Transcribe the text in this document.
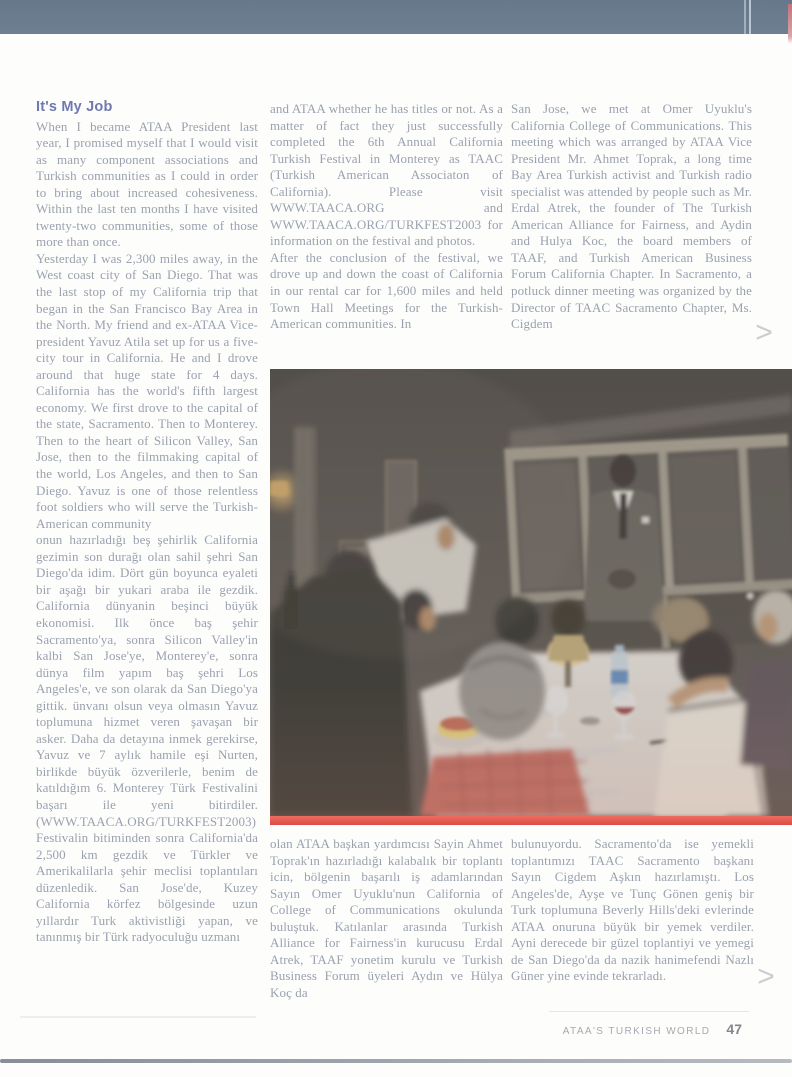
It's My Job

When I became ATAA President last year, I promised myself that I would visit as many component associations and Turkish communities as I could in order to bring about increased cohesiveness. Within the last ten months I have visited twenty-two communities, some of those more than once.

Yesterday I was 2,300 miles away, in the West coast city of San Diego. That was the last stop of my California trip that began in the San Francisco Bay Area in the North. My friend and ex-ATAA Vice-president Yavuz Atila set up for us a five-city tour in California. He and I drove around that huge state for 4 days. California has the world's fifth largest economy. We first drove to the capital of the state, Sacramento. Then to Monterey. Then to the heart of Silicon Valley, San Jose, then to the filmmaking capital of the world, Los Angeles, and then to San Diego. Yavuz is one of those relentless foot soldiers who will serve the Turkish-American community

onun hazırladığı beş şehirlik California gezimin son durağı olan sahil şehri San Diego'da idim. Dört gün boyunca eyaleti bir aşağı bir yukari araba ile gezdik. California dünyanin beşinci büyük ekonomisi. Ilk önce baş şehir Sacramento'ya, sonra Silicon Valley'in kalbi San Jose'ye, Monterey'e, sonra dünya film yapım baş şehri Los Angeles'e, ve son olarak da San Diego'ya gittik. ünvanı olsun veya olmasın Yavuz toplumuna hizmet veren şavaşan bir asker. Daha da detayına inmek gerekirse, Yavuz ve 7 aylık hamile eşi Nurten, birlikde büyük özverilerle, benim de katıldığım 6. Monterey Türk Festivalini başarı ile yeni bitirdiler. (WWW.TAACA.ORG/TURKFEST2003) Festivalin bitiminden sonra California'da 2,500 km gezdik ve Türkler ve Amerikalilarla şehir meclisi toplantıları düzenledik. San Jose'de, Kuzey California körfez bölgesinde uzun yıllardır Turk aktivistliği yapan, ve tanınmış bir Türk radyoculuğu uzmanı

and ATAA whether he has titles or not. As a matter of fact they just successfully completed the 6th Annual California Turkish Festival in Monterey as TAAC (Turkish American Associaton of California). Please visit WWW.TAACA.ORG and WWW.TAACA.ORG/TURKFEST2003 for information on the festival and photos.

After the conclusion of the festival, we drove up and down the coast of California in our rental car for 1,600 miles and held Town Hall Meetings for the Turkish-American communities. In

San Jose, we met at Omer Uyuklu's California College of Communications. This meeting which was arranged by ATAA Vice President Mr. Ahmet Toprak, a long time Bay Area Turkish activist and Turkish radio specialist was attended by people such as Mr. Erdal Atrek, the founder of The Turkish American Alliance for Fairness, and Aydin and Hulya Koc, the board members of TAAF, and Turkish American Business Forum California Chapter. In Sacramento, a potluck dinner meeting was organized by the Director of TAAC Sacramento Chapter, Ms. Cigdem

olan ATAA başkan yardımcısı Sayin Ahmet Toprak'ın hazırladığı kalabalık bir toplantı icin, bölgenin başarılı iş adamlarından Sayın Omer Uyuklu'nun California of College of Communications okulunda buluştuk. Katılanlar arasında Turkish Alliance for Fairness'in kurucusu Erdal Atrek, TAAF yonetim kurulu ve Turkish Business Forum üyeleri Aydın ve Hülya Koç da

bulunuyordu. Sacramento'da ise yemekli toplantımızı TAAC Sacramento başkanı Sayın Cigdem Aşkın hazırlamıştı. Los Angeles'de, Ayşe ve Tunç Gönen geniş bir Turk toplumuna Beverly Hills'deki evlerinde ATAA onuruna büyük bir yemek verdiler. Ayni derecede bir güzel toplantiyi ve yemegi de San Diego'da da nazik hanimefendi Nazlı Güner yine evinde tekrarladı.

>
>
ATAA'S TURKISH WORLD 47
